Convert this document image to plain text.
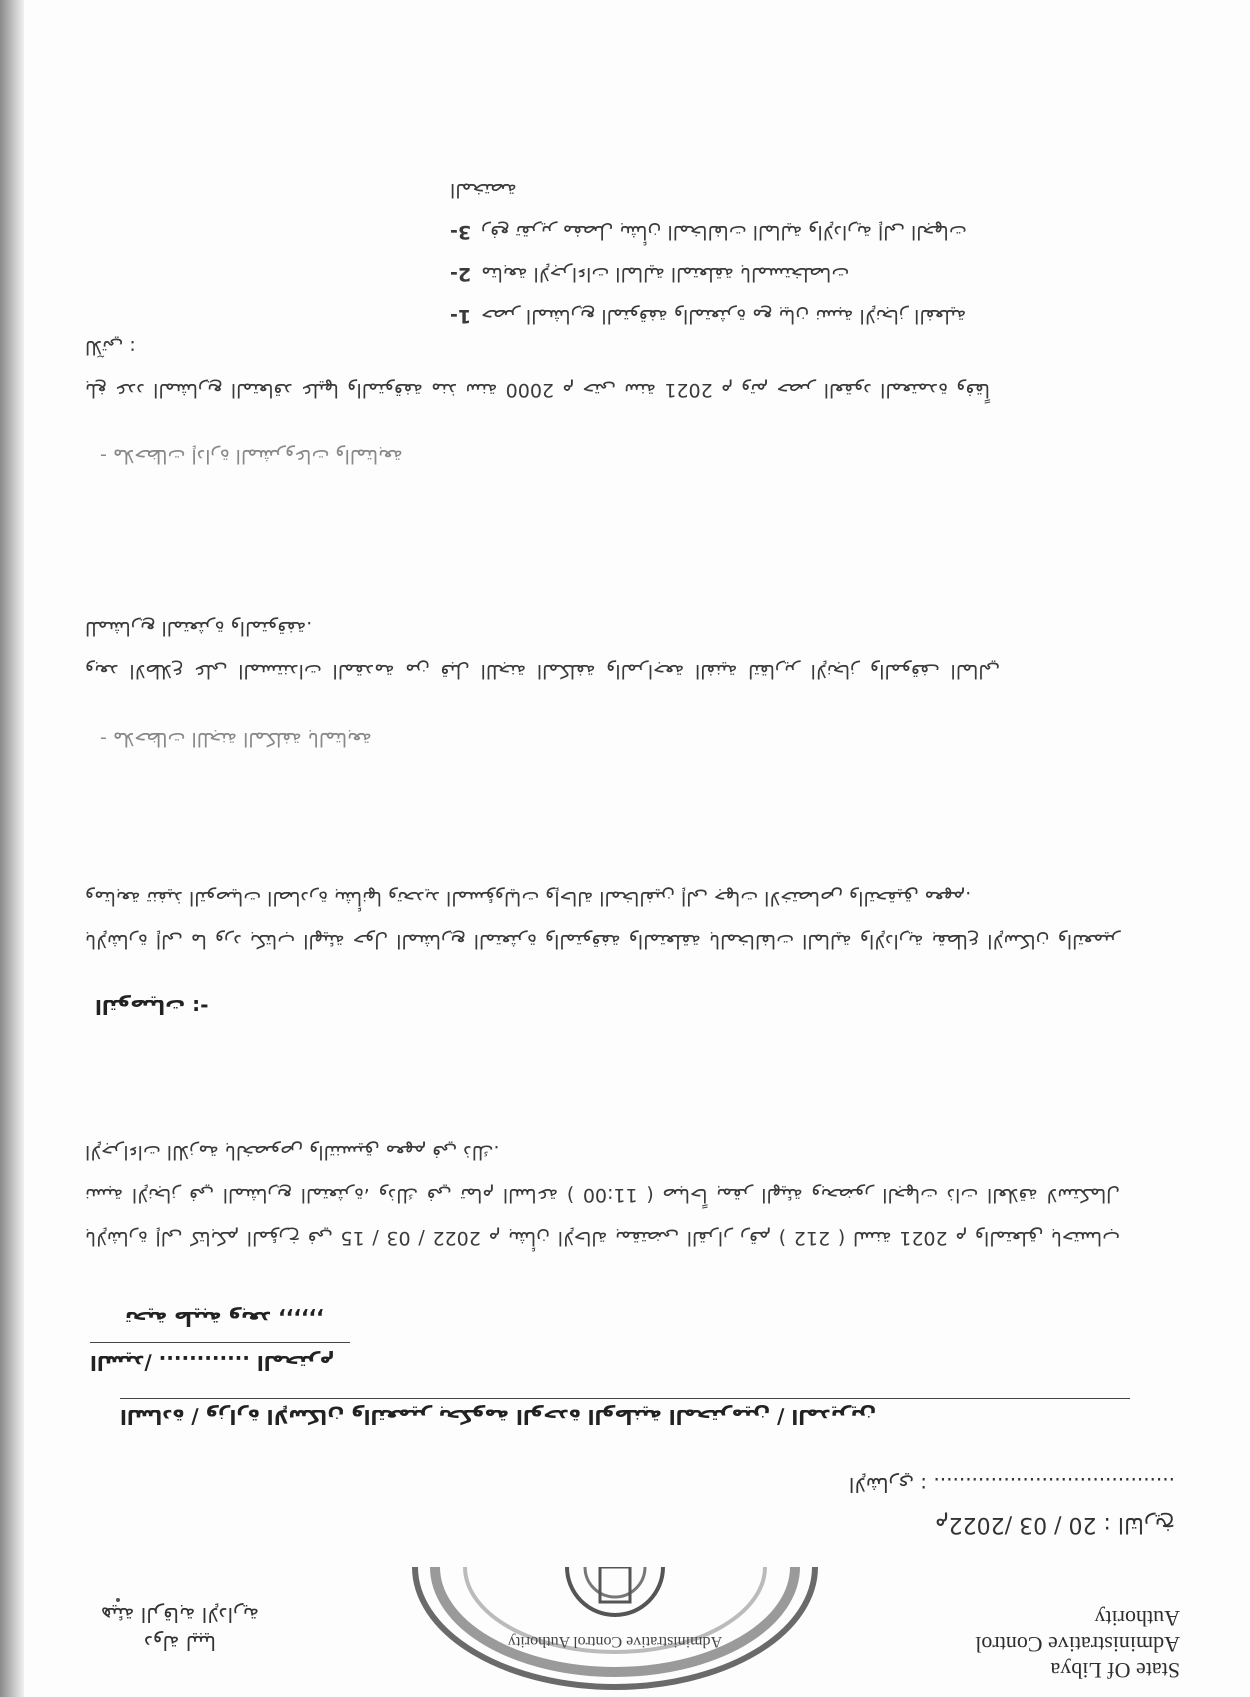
State Of Libya
Administrative Control
Authority
Administrative Control Authority
دولة ليبيا
هيئة الرقابة الإدارية
م2022/ 03 / 20 : التاريخ
الإشاري : ......................................
السادة / وزارة الإسكان والتعمير بحكومة الوحدة الوطنية المحترمين / المديرين
السيد/ ............ المحترم
تحية طيبة وبعد ,,,,,,
بالإشارة إلى كتابكم المؤرخ في 15 / 03 / 2022 م بشأن الإحالة بمقتضى القرار رقم ( 212 ) لسنة 2021 م والمتعلق باحتساب نسبة الإنجاز في المشاريع المتعثرة، وذلك في تمام الساعة ( 11:00 ) صباحاً بمقر الهيئة وبحضور الجهات ذات العلاقة لاستكمال الإجراءات اللازمة بالخصوص والتنسيق معهم في ذلك.
التوصيات :-
بالإشارة إلى ما ورد بكتاب الهيئة حول المشاريع المتعثرة والمتوقفة والمتعلقة بالمخالفات المالية والإدارية بقطاع الإسكان والتعمير ومتابعة تنفيذ التوصيات الصادرة بشأنها وتحديد المسؤوليات وإحالة المخالفين إلى جهات الاختصاص والتحقيق معهم.
- ملاحظات اللجنة المكلفة بالمتابعة
وبعد الاطلاع على المستندات المقدمة من قبل اللجنة المكلفة والمراجعة الفنية لتقارير الإنجاز والموقف المالي للمشاريع المتعثرة والمتوقفة.
- ملاحظات إدارة المشروعات والمتابعة
بلغ عدد المشاريع المتعاقد عليها والمتوقفة منذ سنة 2000 م حتى سنة 2021 م وتم حصر العقود المعتمدة وفقاً للآتي :
-1 حصر المشاريع المتوقفة والمتعثرة مع بيان نسبة الإنجاز الفعلية
-2 متابعة الإجراءات المالية المتعلقة بالمستخلصات
-3 رفع تقرير مفصل بشأن المخالفات المالية والإدارية إلى الجهات المختصة
